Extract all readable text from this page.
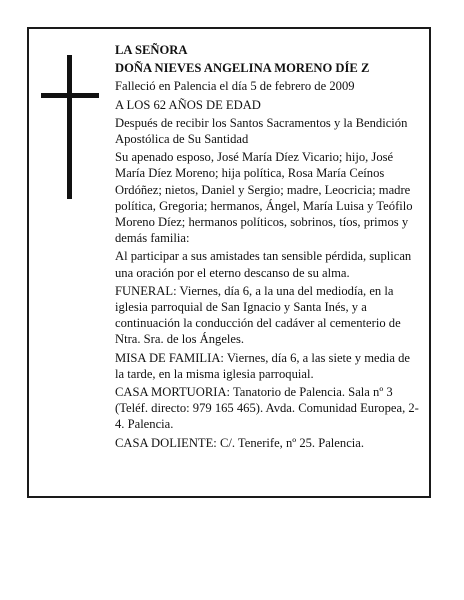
LA SEÑORA

DOÑA NIEVES ANGELINA MORENO DÍE Z

Falleció en Palencia el día 5 de febrero de 2009

A LOS 62 AÑOS DE EDAD

Después de recibir los Santos Sacramentos y la Bendición Apostólica de Su Santidad

Su apenado esposo, José María Díez Vicario; hijo, José María Díez Moreno; hija política, Rosa María Ceínos Ordóñez; nietos, Daniel y Sergio; madre, Leocricia; madre política, Gregoria; hermanos, Ángel, María Luisa y Teófilo Moreno Díez; hermanos políticos, sobrinos, tíos, primos y demás familia:

Al participar a sus amistades tan sensible pérdida, suplican una oración por el eterno descanso de su alma.

FUNERAL: Viernes, día 6, a la una del mediodía, en la iglesia parroquial de San Ignacio y Santa Inés, y a continuación la conducción del cadáver al cementerio de Ntra. Sra. de los Ángeles.

MISA DE FAMILIA: Viernes, día 6, a las siete y media de la tarde, en la misma iglesia parroquial.

CASA MORTUORIA: Tanatorio de Palencia. Sala nº 3 (Teléf. directo: 979 165 465). Avda. Comunidad Europea, 2-4. Palencia.

CASA DOLIENTE: C/. Tenerife, nº 25. Palencia.
